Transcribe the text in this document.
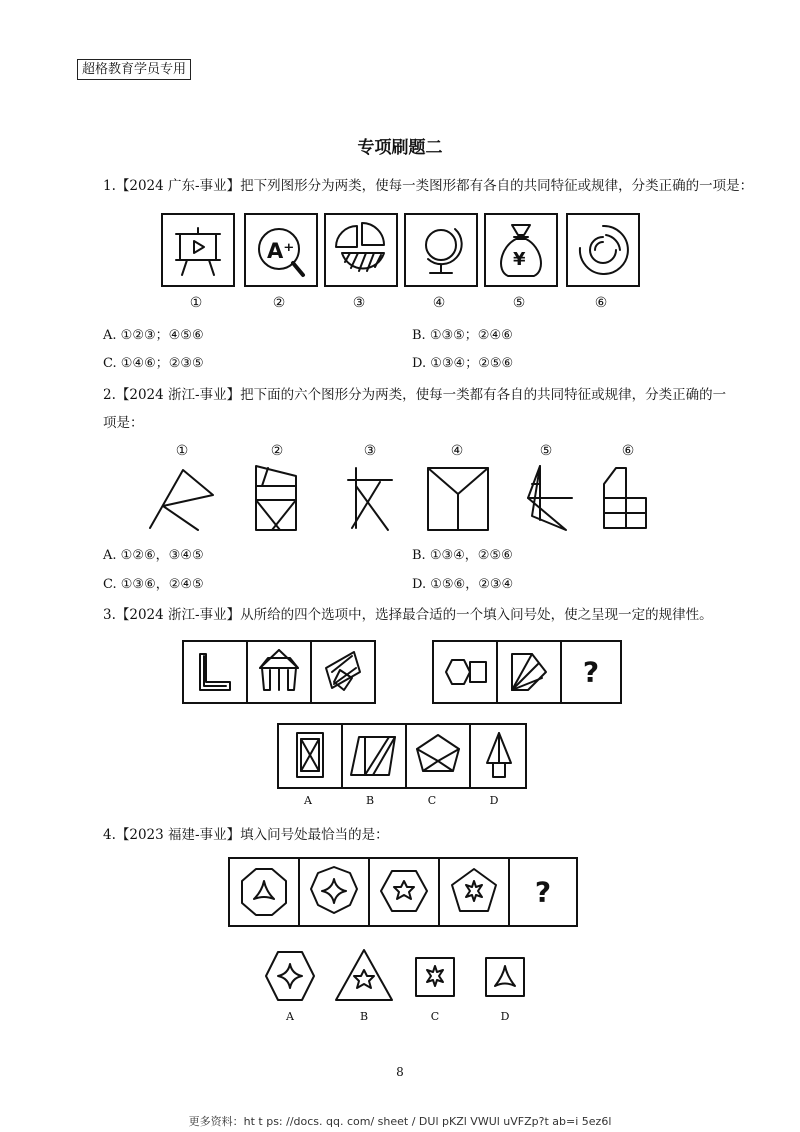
超格教育学员专用
专项刷题二
1.【2024 广东-事业】把下列图形分为两类，使每一类图形都有各自的共同特征或规律，分类正确的一项是：
A⁺	¥
①	②	③	④	⑤	⑥
A. ①②③；④⑤⑥	B. ①③⑤；②④⑥
C. ①④⑥；②③⑤	D. ①③④；②⑤⑥
2.【2024 浙江-事业】把下面的六个图形分为两类，使每一类都有各自的共同特征或规律，分类正确的一
项是：
①	②	③	④	⑤	⑥
A. ①②⑥，③④⑤	B. ①③④，②⑤⑥
C. ①③⑥，②④⑤	D. ①⑤⑥，②③④
3.【2024 浙江-事业】从所给的四个选项中，选择最合适的一个填入问号处，使之呈现一定的规律性。
?
A	B	C	D
4.【2023 福建-事业】填入问号处最恰当的是：
?
A	B	C	D
8
更多资料：ht t ps: //docs. qq. com/ sheet / DUl pKZl VWUl uVFZp?t ab=i 5ez6l
